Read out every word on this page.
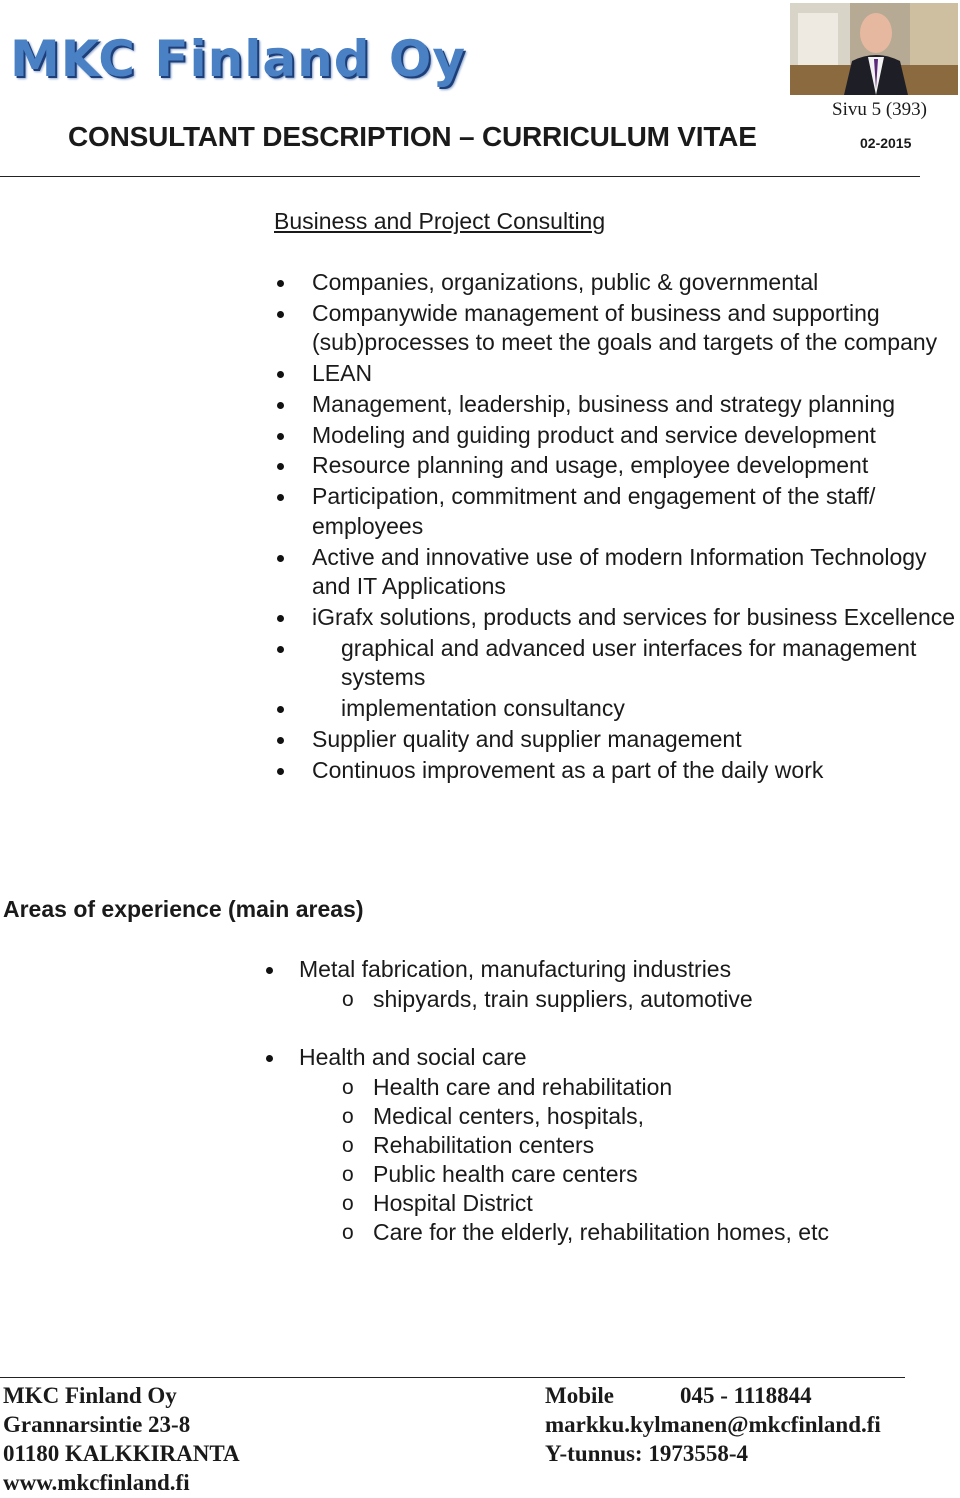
MKC Finland Oy
Sivu 5 (393)
CONSULTANT DESCRIPTION – CURRICULUM VITAE	02-2015
Business and Project Consulting
Companies, organizations, public & governmental
Companywide management of business and supporting (sub)processes to meet the goals and targets of the company
LEAN
Management, leadership, business and strategy planning
Modeling and guiding product and service development
Resource planning and usage, employee development
Participation, commitment and engagement of the staff/ employees
Active and innovative use of modern Information Technology and IT Applications
iGrafx solutions, products and services for business Excellence
graphical and advanced user interfaces for management systems
implementation consultancy
Supplier quality and supplier management
Continuos improvement as a part of the daily work
Areas of experience (main areas)
Metal fabrication, manufacturing industries
o shipyards, train suppliers, automotive
Health and social care
o Health care and rehabilitation
o Medical centers, hospitals,
o Rehabilitation centers
o Public health care centers
o Hospital District
o Care for the elderly, rehabilitation homes, etc
MKC Finland Oy
Grannarsintie 23-8
01180 KALKKIRANTA
www.mkcfinland.fi
Mobile	045 - 1118844
markku.kylmanen@mkcfinland.fi
Y-tunnus: 1973558-4
